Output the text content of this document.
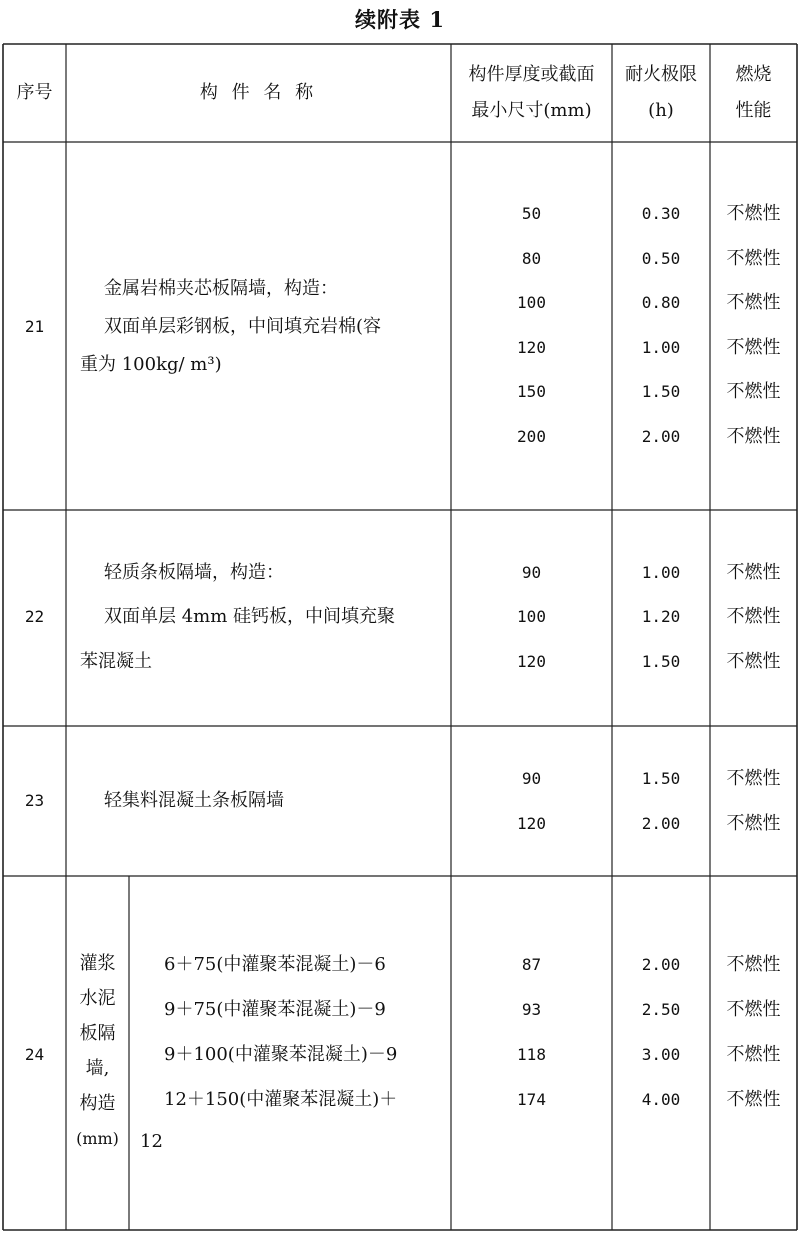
续附表 1
序号	构 件 名 称
构件厚度或截面
最小尺寸(mm)
耐火极限
(h)
燃烧
性能
21
金属岩棉夹芯板隔墙，构造：
双面单层彩钢板，中间填充岩棉(容
重为 100kg/ m³)
50
80
100
120
150
200
0.30
0.50
0.80
1.00
1.50
2.00
不燃性
不燃性
不燃性
不燃性
不燃性
不燃性
22
轻质条板隔墙，构造：
双面单层 4mm 硅钙板，中间填充聚
苯混凝土
90
100
120
1.00
1.20
1.50
不燃性
不燃性
不燃性
23	轻集料混凝土条板隔墙
90
120
1.50
2.00
不燃性
不燃性
24
灌浆
水泥
板隔
墙,
构造
(mm)
6＋75(中灌聚苯混凝土)－6
9＋75(中灌聚苯混凝土)－9
9＋100(中灌聚苯混凝土)－9
12＋150(中灌聚苯混凝土)＋
12
87
93
118
174
2.00
2.50
3.00
4.00
不燃性
不燃性
不燃性
不燃性
